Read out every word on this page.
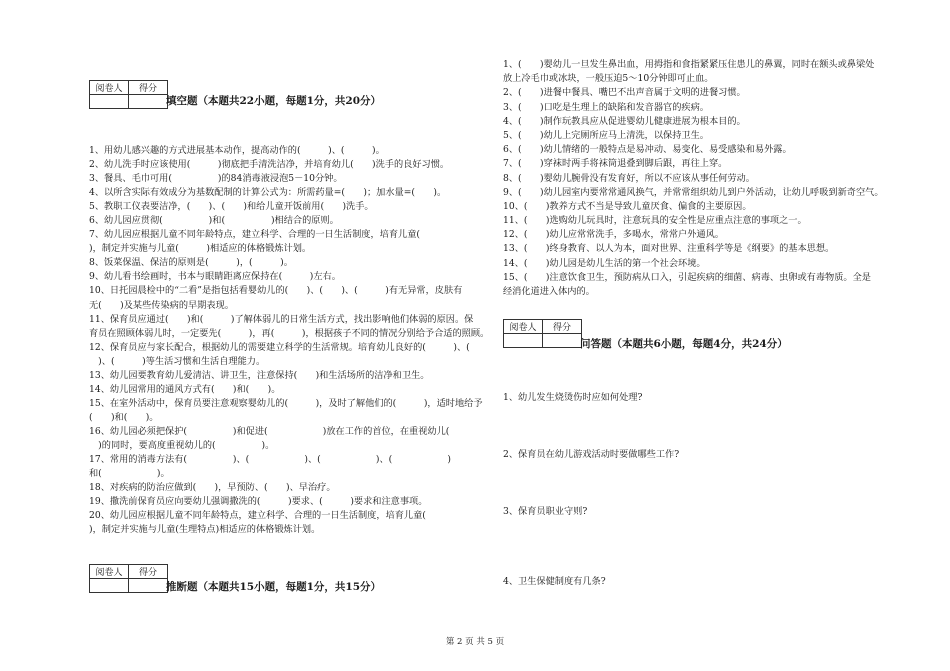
阅卷人	得分

填空题（本题共22小题，每题1分，共20分）
1、用幼儿感兴趣的方式进展基本动作，提高动作的(　　　)、(　　　)。
2、幼儿洗手时应该使用(　　　)彻底把手清洗洁净，并培育幼儿(　　)洗手的良好习惯。
3、餐具、毛巾可用(　　　　　)的84消毒液浸泡5－10分钟。
4、以所含实际有效成分为基数配制的计算公式为：所需药量=(　　)；加水量=(　　)。
5、教职工仪表要洁净，(　　)、(　　)和给儿童开饭前用(　　)洗手。
6、幼儿园应贯彻(　　　　　)和(　　　　　)相结合的原则。
7、幼儿园应根据儿童不同年龄特点，建立科学、合理的一日生活制度，培育儿童(　　　
)，制定并实施与儿童(　　　)相适应的体格锻炼计划。
8、饭菜保温、保洁的原则是(　　　)，(　　　)。
9、幼儿看书绘画时，书本与眼睛距离应保持在(　　　)左右。
10、日托园晨检中的“二看”是指包括看婴幼儿的(　　)、(　　)、(　　　)有无异常，皮肤有
无(　　)及某些传染病的早期表现。
11、保育员应通过(　　)和(　　　)了解体弱儿的日常生活方式，找出影响他们体弱的原因。保
育员在照顾体弱儿时，一定要先(　　　)，再(　　　)，根据孩子不同的情况分别给予合适的照顾。
12、保育员应与家长配合，根据幼儿的需要建立科学的生活常规。培育幼儿良好的(　　　)、(
　)、(　　　)等生活习惯和生活自理能力。
13、幼儿园要教育幼儿爱清洁、讲卫生，注意保持(　　)和生活场所的洁净和卫生。
14、幼儿园常用的通风方式有(　　)和(　　)。
15、在室外活动中，保育员要注意观察婴幼儿的(　　　)，及时了解他们的(　　　)，适时地给予
(　　)和(　　)。
16、幼儿园必须把保护(　　　　　)和促进(　　　　　　)放在工作的首位，在重视幼儿(
　)的同时，要高度重视幼儿的(　　　　　)。
17、常用的消毒方法有(　　　　　)、(　　　　　　)、(　　　　　　)、(　　　　　　)
和(　　　　　　)。
18、对疾病的防治应做到(　　)，早预防、(　　)、早治疗。
19、撒洗前保育员应向要幼儿强调撒洗的(　　　)要求、(　　　)要求和注意事项。
20、幼儿园应根据儿童不同年龄特点，建立科学、合理的一日生活制度，培育儿童(
)，制定并实施与儿童(生理特点)相适应的体格锻炼计划。
阅卷人	得分

推断题（本题共15小题，每题1分，共15分）
1、(　　)婴幼儿一旦发生鼻出血，用拇指和食指紧紧压住患儿的鼻翼，同时在额头或鼻梁处
放上冷毛巾或冰块，一般压迫5～10分钟即可止血。
2、(　　)进餐中餐具、嘴巴不出声音属于文明的进餐习惯。
3、(　　)口吃是生理上的缺陷和发音器官的疾病。
4、(　　)制作玩教具应从促进婴幼儿健康进展为根本目的。
5、(　　)幼儿上完厕所应马上清洗，以保持卫生。
6、(　　)幼儿情绪的一般特点是易冲动、易变化、易受感染和易外露。
7、(　　)穿袜时两手将袜筒退叠到脚后跟，再往上穿。
8、(　　)婴幼儿腕骨没有发育好，所以不应该从事任何劳动。
9、(　　)幼儿园室内要常常通风换气，并常常组织幼儿到户外活动，让幼儿呼吸到新奇空气。
10、(　　)教养方式不当是导致儿童厌食、偏食的主要原因。
11、(　　)选购幼儿玩具时，注意玩具的安全性是应重点注意的事项之一。
12、(　　)幼儿应常常洗手，多喝水，常常户外通风。
13、(　　)终身教育、以人为本，面对世界、注重科学等是《纲要》的基本思想。
14、(　　)幼儿园是幼儿生活的第一个社会环境。
15、(　　)注意饮食卫生，预防病从口入，引起疾病的细菌、病毒、虫卵或有毒物质。全是
经消化道进入体内的。
阅卷人	得分

问答题（本题共6小题，每题4分，共24分）
1、幼儿发生烧烫伤时应如何处理?
2、保育员在幼儿游戏活动时要做哪些工作?
3、保育员职业守则?
4、卫生保健制度有几条?
第 2 页 共 5 页
